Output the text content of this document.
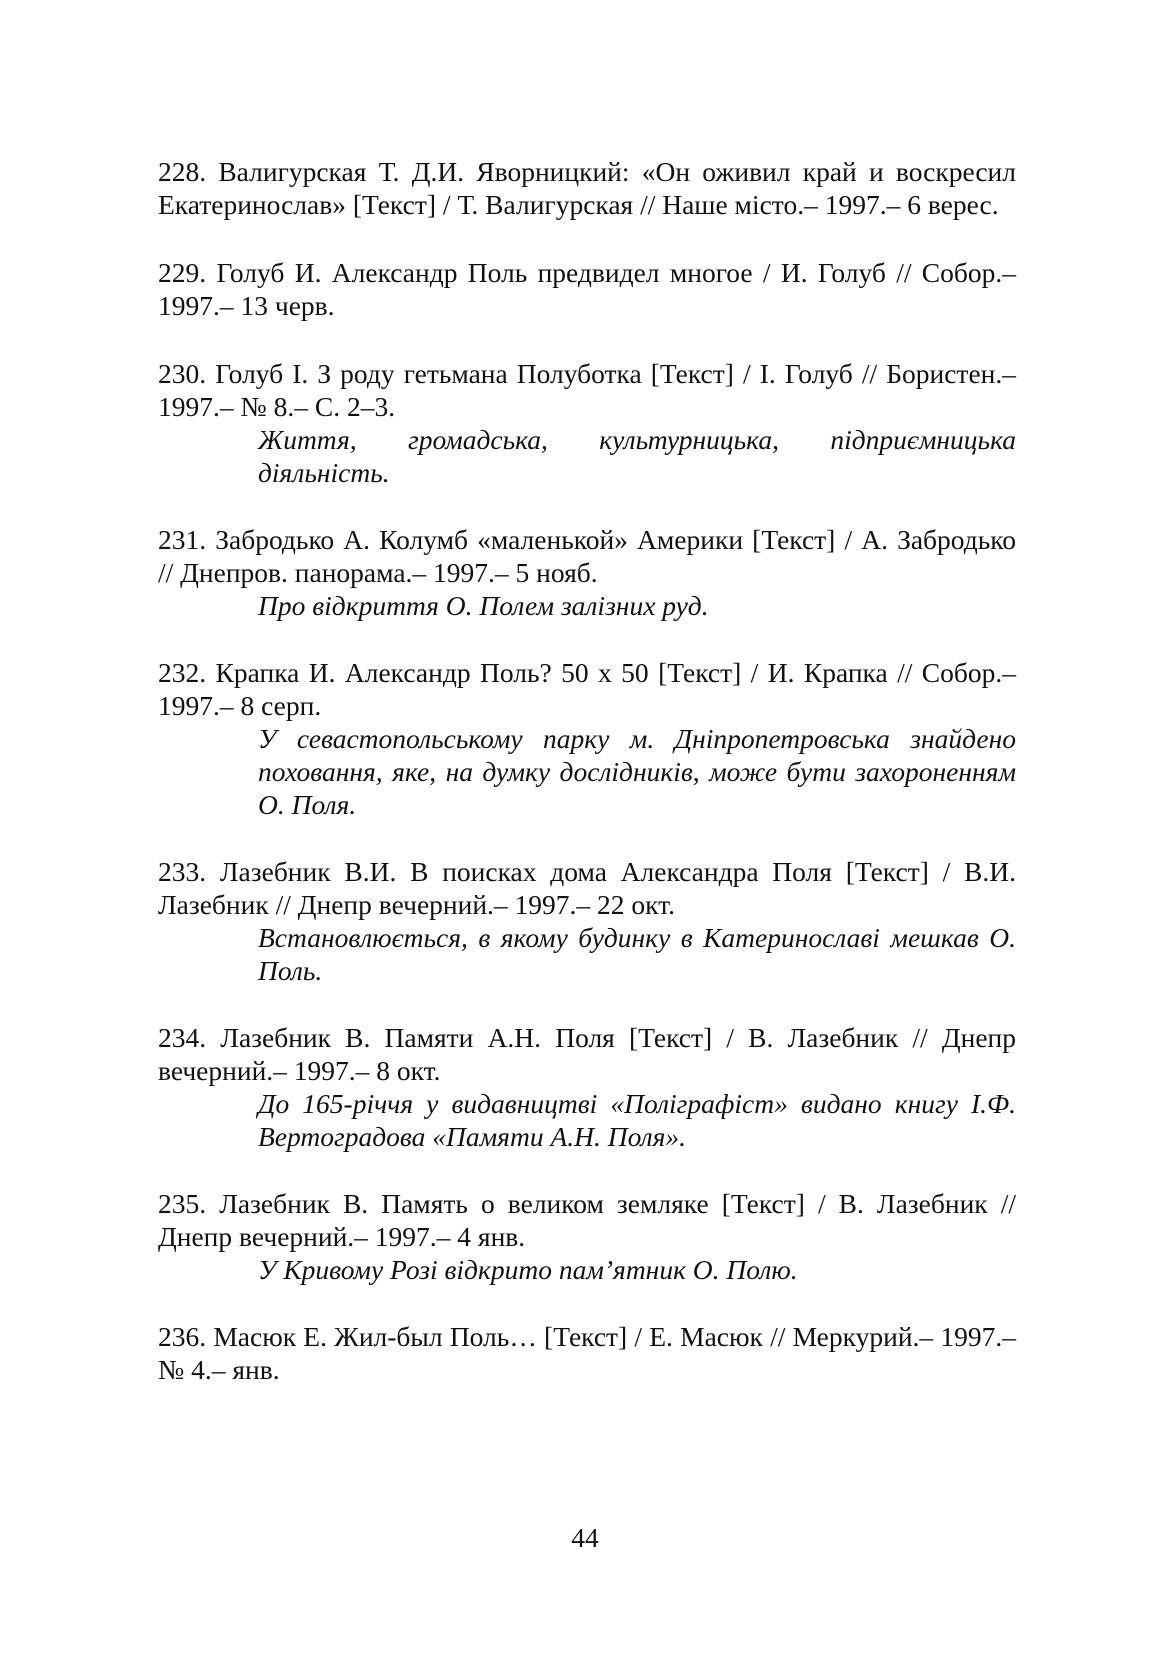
228. Валигурская Т. Д.И. Яворницкий: «Он оживил край и воскресил Екатеринослав» [Текст] / Т. Валигурская // Наше місто.– 1997.– 6 верес.

229. Голуб И. Александр Поль предвидел многое / И. Голуб // Собор.– 1997.– 13 черв.

230. Голуб І. З роду гетьмана Полуботка [Текст] / І. Голуб // Бористен.– 1997.– № 8.– С. 2–3.

Життя, громадська, культурницька, підприємницька діяльність.

231. Забродько А. Колумб «маленькой» Америки [Текст] / А. Забродько // Днепров. панорама.– 1997.– 5 нояб.

Про відкриття О. Полем залізних руд.

232. Крапка И. Александр Поль? 50 х 50 [Текст] / И. Крапка // Собор.– 1997.– 8 серп.

У севастопольському парку м. Дніпропетровська знайдено поховання, яке, на думку дослідників, може бути захороненням О. Поля.

233. Лазебник В.И. В поисках дома Александра Поля [Текст] / В.И. Лазебник // Днепр вечерний.– 1997.– 22 окт.

Встановлюється, в якому будинку в Катеринославі мешкав О. Поль.

234. Лазебник В. Памяти А.Н. Поля [Текст] / В. Лазебник // Днепр вечерний.– 1997.– 8 окт.

До 165-річчя у видавництві «Поліграфіст» видано книгу І.Ф. Вертоградова «Памяти А.Н. Поля».

235. Лазебник В. Память о великом земляке [Текст] / В. Лазебник // Днепр вечерний.– 1997.– 4 янв.

У Кривому Розі відкрито пам’ятник О. Полю.

236. Масюк Е. Жил-был Поль… [Текст] / Е. Масюк // Меркурий.– 1997.– № 4.– янв.

44
